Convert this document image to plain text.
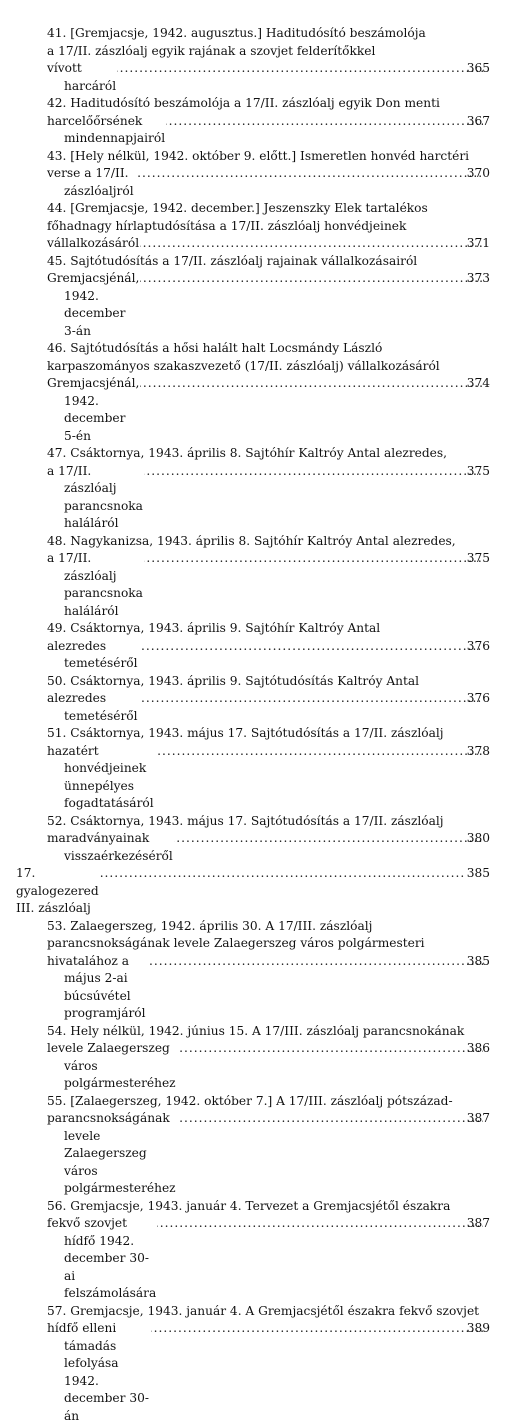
41. [Gremjacsje, 1942. augusztus.] Haditudósító beszámolója
a 17/II. zászlóalj egyik rajának a szovjet felderítőkkel
vívott harcáról
.....
365
42. Haditudósító beszámolója a 17/II. zászlóalj egyik Don menti
harcelőőrsének mindennapjairól
.....
367
43. [Hely nélkül, 1942. október 9. előtt.] Ismeretlen honvéd harctéri
verse a 17/II. zászlóaljról
.....
370
44. [Gremjacsje, 1942. december.] Jeszenszky Elek tartalékos
főhadnagy hírlaptudósítása a 17/II. zászlóalj honvédjeinek
vállalkozásáról
.....	371
45. Sajtótudósítás a 17/II. zászlóalj rajainak vállalkozásairól
Gremjacsjénál, 1942. december 3-án
.....
373
46. Sajtótudósítás a hősi halált halt Locsmándy László
karpaszományos szakaszvezető (17/II. zászlóalj) vállalkozásáról
Gremjacsjénál, 1942. december 5-én
.....
374
47. Csáktornya, 1943. április 8. Sajtóhír Kaltróy Antal alezredes,
a 17/II. zászlóalj parancsnoka haláláról
.....
375
48. Nagykanizsa, 1943. április 8. Sajtóhír Kaltróy Antal alezredes,
a 17/II. zászlóalj parancsnoka haláláról
.....
375
49. Csáktornya, 1943. április 9. Sajtóhír Kaltróy Antal
alezredes temetéséről
.....
376
50. Csáktornya, 1943. április 9. Sajtótudósítás Kaltróy Antal
alezredes temetéséről
.....
376
51. Csáktornya, 1943. május 17. Sajtótudósítás a 17/II. zászlóalj
hazatért honvédjeinek ünnepélyes fogadtatásáról
.....
378
52. Csáktornya, 1943. május 17. Sajtótudósítás a 17/II. zászlóalj
maradványainak visszaérkezéséről
.....
380
17. gyalogezered III. zászlóalj
.....
385
53. Zalaegerszeg, 1942. április 30. A 17/III. zászlóalj
parancsnokságának levele Zalaegerszeg város polgármesteri
hivatalához a május 2-ai búcsúvétel programjáról
.....
385
54. Hely nélkül, 1942. június 15. A 17/III. zászlóalj parancsnokának
levele Zalaegerszeg város polgármesteréhez
.....
386
55. [Zalaegerszeg, 1942. október 7.] A 17/III. zászlóalj pótszázad-
parancsnokságának levele Zalaegerszeg város polgármesteréhez
.....
387
56. Gremjacsje, 1943. január 4. Tervezet a Gremjacsjétől északra
fekvő szovjet hídfő 1942. december 30-ai felszámolására
.....
387
57. Gremjacsje, 1943. január 4. A Gremjacsjétől északra fekvő szovjet
hídfő elleni támadás lefolyása 1942. december 30-án
.....
389
